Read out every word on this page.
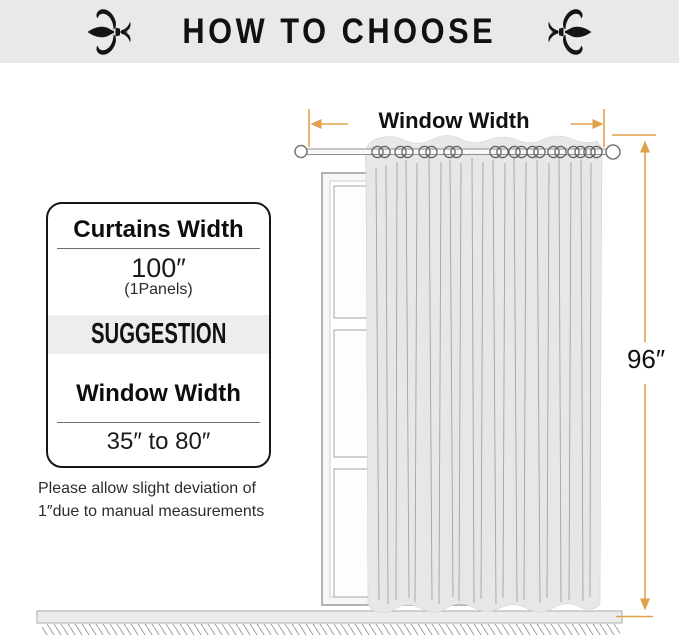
HOW TO CHOOSE
Window Width
96″
Curtains Width
100″
(1Panels)
SUGGESTION
Window Width
35″ to 80″

Please allow slight deviation of
1″due to manual measurements
